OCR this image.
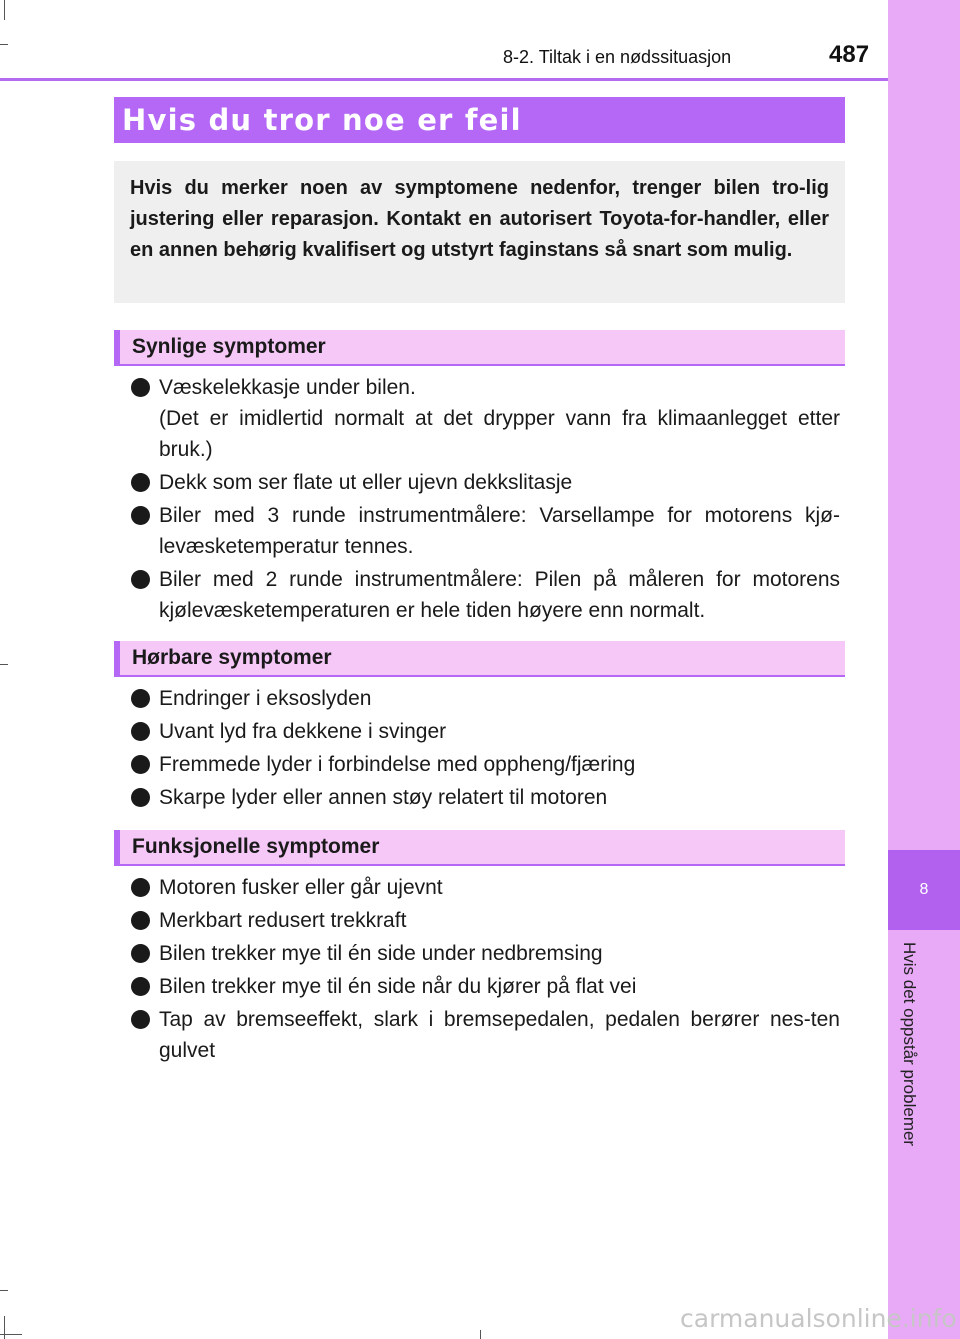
8
Hvis det oppstår problemer
8-2. Tiltak i en nødssituasjon	487
Hvis du tror noe er feil
Hvis du merker noen av symptomene nedenfor, trenger bilen tro-lig justering eller reparasjon. Kontakt en autorisert Toyota-for-handler, eller en annen behørig kvalifisert og utstyrt faginstans så snart som mulig.
Synlige symptomer
Væskelekkasje under bilen.
(Det er imidlertid normalt at det drypper vann fra klimaanlegget etter bruk.)
Dekk som ser flate ut eller ujevn dekkslitasje
Biler med 3 runde instrumentmålere: Varsellampe for motorens kjø-levæsketemperatur tennes.
Biler med 2 runde instrumentmålere: Pilen på måleren for motorens kjølevæsketemperaturen er hele tiden høyere enn normalt.
Hørbare symptomer
Endringer i eksoslyden
Uvant lyd fra dekkene i svinger
Fremmede lyder i forbindelse med oppheng/fjæring
Skarpe lyder eller annen støy relatert til motoren
Funksjonelle symptomer
Motoren fusker eller går ujevnt
Merkbart redusert trekkraft
Bilen trekker mye til én side under nedbremsing
Bilen trekker mye til én side når du kjører på flat vei
Tap av bremseeffekt, slark i bremsepedalen, pedalen berører nes-ten gulvet
carmanualsonline.info
